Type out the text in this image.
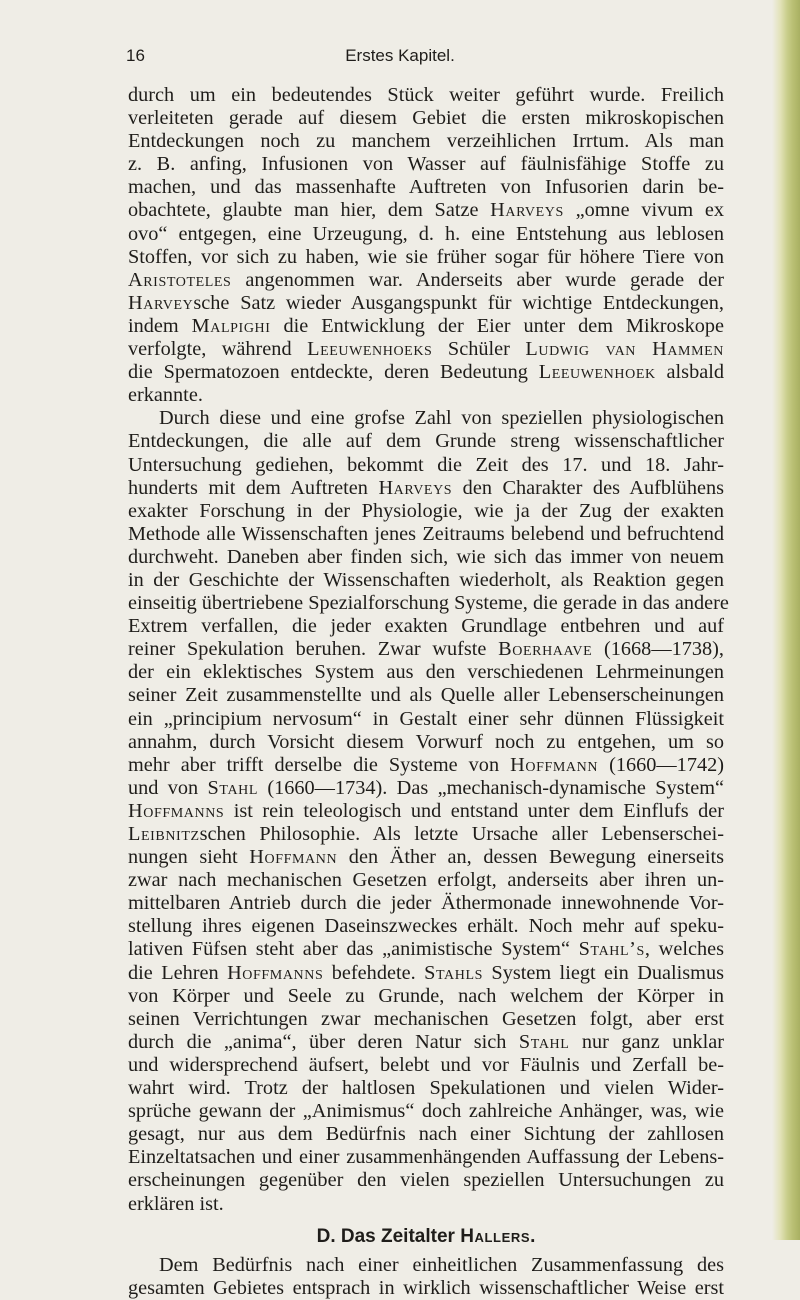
16	Erstes Kapitel.
durch um ein bedeutendes Stück weiter geführt wurde. Freilich
verleiteten gerade auf diesem Gebiet die ersten mikroskopischen
Entdeckungen noch zu manchem verzeihlichen Irrtum. Als man
z. B. anfing, Infusionen von Wasser auf fäulnisfähige Stoffe zu
machen, und das massenhafte Auftreten von Infusorien darin be-
obachtete, glaubte man hier, dem Satze Harveys „omne vivum ex
ovo“ entgegen, eine Urzeugung, d. h. eine Entstehung aus leblosen
Stoffen, vor sich zu haben, wie sie früher sogar für höhere Tiere von
Aristoteles angenommen war. Anderseits aber wurde gerade der
Harveysche Satz wieder Ausgangspunkt für wichtige Entdeckungen,
indem Malpighi die Entwicklung der Eier unter dem Mikroskope
verfolgte, während Leeuwenhoeks Schüler Ludwig van Hammen
die Spermatozoen entdeckte, deren Bedeutung Leeuwenhoek alsbald
erkannte.
Durch diese und eine grofse Zahl von speziellen physiologischen
Entdeckungen, die alle auf dem Grunde streng wissenschaftlicher
Untersuchung gediehen, bekommt die Zeit des 17. und 18. Jahr-
hunderts mit dem Auftreten Harveys den Charakter des Aufblühens
exakter Forschung in der Physiologie, wie ja der Zug der exakten
Methode alle Wissenschaften jenes Zeitraums belebend und befruchtend
durchweht. Daneben aber finden sich, wie sich das immer von neuem
in der Geschichte der Wissenschaften wiederholt, als Reaktion gegen
einseitig übertriebene Spezialforschung Systeme, die gerade in das andere
Extrem verfallen, die jeder exakten Grundlage entbehren und auf
reiner Spekulation beruhen. Zwar wufste Boerhaave (1668—1738),
der ein eklektisches System aus den verschiedenen Lehrmeinungen
seiner Zeit zusammenstellte und als Quelle aller Lebenserscheinungen
ein „principium nervosum“ in Gestalt einer sehr dünnen Flüssigkeit
annahm, durch Vorsicht diesem Vorwurf noch zu entgehen, um so
mehr aber trifft derselbe die Systeme von Hoffmann (1660—1742)
und von Stahl (1660—1734). Das „mechanisch-dynamische System“
Hoffmanns ist rein teleologisch und entstand unter dem Einflufs der
Leibnitzschen Philosophie. Als letzte Ursache aller Lebenserschei-
nungen sieht Hoffmann den Äther an, dessen Bewegung einerseits
zwar nach mechanischen Gesetzen erfolgt, anderseits aber ihren un-
mittelbaren Antrieb durch die jeder Äthermonade innewohnende Vor-
stellung ihres eigenen Daseinszweckes erhält. Noch mehr auf speku-
lativen Füfsen steht aber das „animistische System“ Stahl’s, welches
die Lehren Hoffmanns befehdete. Stahls System liegt ein Dualismus
von Körper und Seele zu Grunde, nach welchem der Körper in
seinen Verrichtungen zwar mechanischen Gesetzen folgt, aber erst
durch die „anima“, über deren Natur sich Stahl nur ganz unklar
und widersprechend äufsert, belebt und vor Fäulnis und Zerfall be-
wahrt wird. Trotz der haltlosen Spekulationen und vielen Wider-
sprüche gewann der „Animismus“ doch zahlreiche Anhänger, was, wie
gesagt, nur aus dem Bedürfnis nach einer Sichtung der zahllosen
Einzeltatsachen und einer zusammenhängenden Auffassung der Lebens-
erscheinungen gegenüber den vielen speziellen Untersuchungen zu
erklären ist.
D. Das Zeitalter Hallers.
Dem Bedürfnis nach einer einheitlichen Zusammenfassung des
gesamten Gebietes entsprach in wirklich wissenschaftlicher Weise erst
